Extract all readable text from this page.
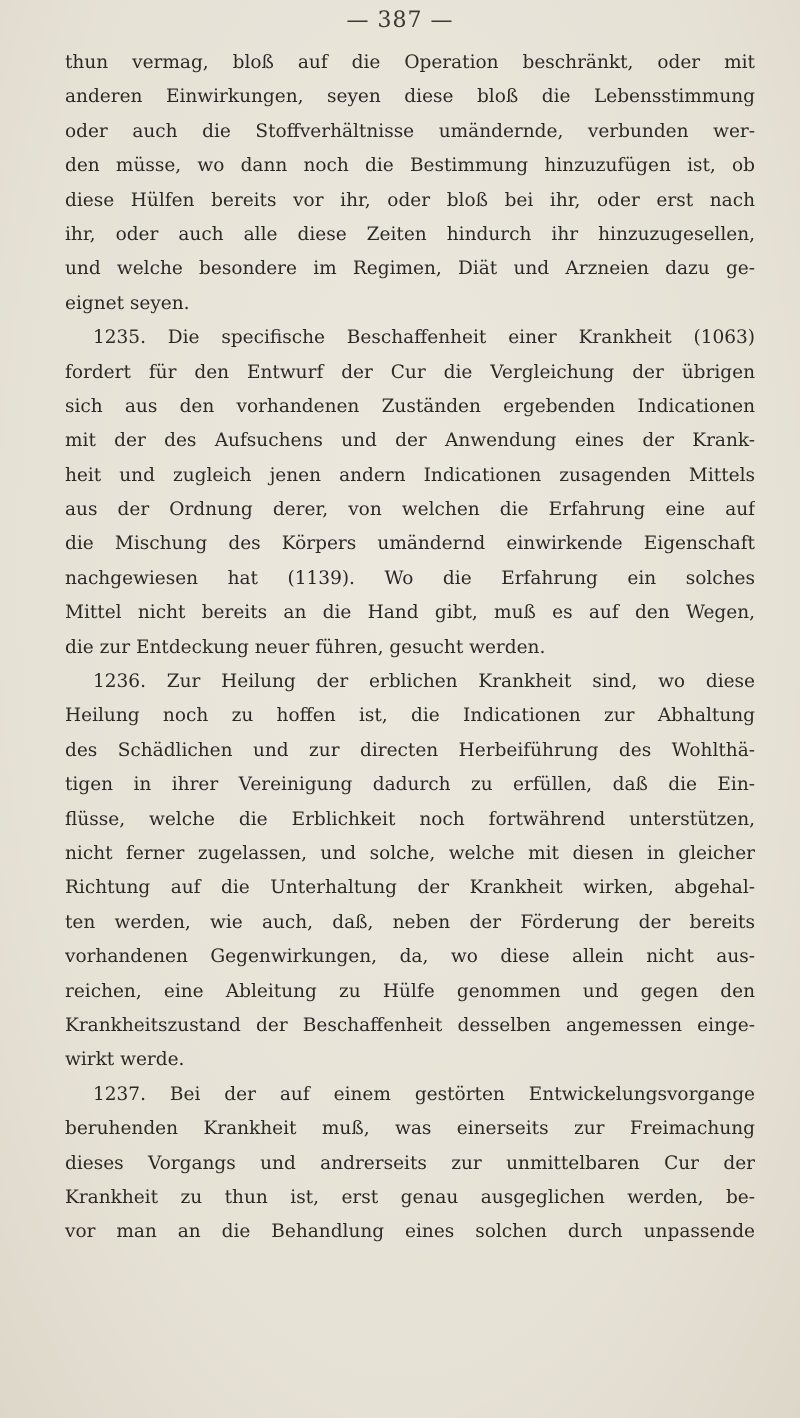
— 387 —
thun vermag, bloß auf die Operation beschränkt, oder mit
anderen Einwirkungen, seyen diese bloß die Lebensstimmung
oder auch die Stoffverhältnisse umändernde, verbunden wer-
den müsse, wo dann noch die Bestimmung hinzuzufügen ist, ob
diese Hülfen bereits vor ihr, oder bloß bei ihr, oder erst nach
ihr, oder auch alle diese Zeiten hindurch ihr hinzuzugesellen,
und welche besondere im Regimen, Diät und Arzneien dazu ge-
eignet seyen.
1235. Die specifische Beschaffenheit einer Krankheit (1063)
fordert für den Entwurf der Cur die Vergleichung der übrigen
sich aus den vorhandenen Zuständen ergebenden Indicationen
mit der des Aufsuchens und der Anwendung eines der Krank-
heit und zugleich jenen andern Indicationen zusagenden Mittels
aus der Ordnung derer, von welchen die Erfahrung eine auf
die Mischung des Körpers umändernd einwirkende Eigenschaft
nachgewiesen hat (1139). Wo die Erfahrung ein solches
Mittel nicht bereits an die Hand gibt, muß es auf den Wegen,
die zur Entdeckung neuer führen, gesucht werden.
1236. Zur Heilung der erblichen Krankheit sind, wo diese
Heilung noch zu hoffen ist, die Indicationen zur Abhaltung
des Schädlichen und zur directen Herbeiführung des Wohlthä-
tigen in ihrer Vereinigung dadurch zu erfüllen, daß die Ein-
flüsse, welche die Erblichkeit noch fortwährend unterstützen,
nicht ferner zugelassen, und solche, welche mit diesen in gleicher
Richtung auf die Unterhaltung der Krankheit wirken, abgehal-
ten werden, wie auch, daß, neben der Förderung der bereits
vorhandenen Gegenwirkungen, da, wo diese allein nicht aus-
reichen, eine Ableitung zu Hülfe genommen und gegen den
Krankheitszustand der Beschaffenheit desselben angemessen einge-
wirkt werde.
1237. Bei der auf einem gestörten Entwickelungsvorgange
beruhenden Krankheit muß, was einerseits zur Freimachung
dieses Vorgangs und andrerseits zur unmittelbaren Cur der
Krankheit zu thun ist, erst genau ausgeglichen werden, be-
vor man an die Behandlung eines solchen durch unpassende
